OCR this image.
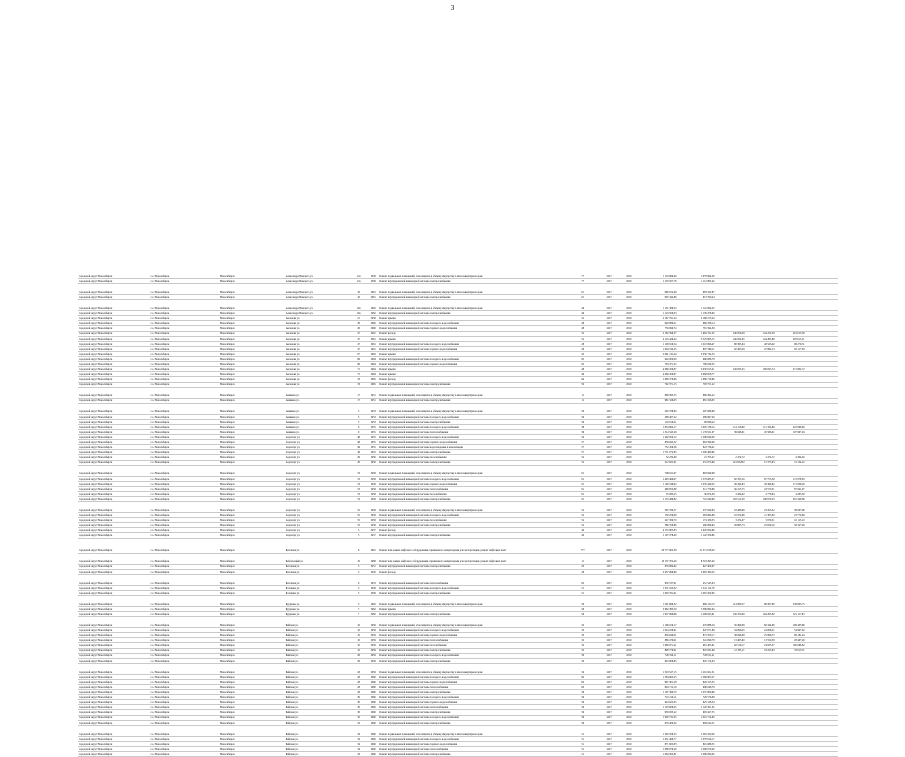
3
городской округ Новосибирск	г.о. Новосибирск	Новосибирск	Александра Невского ул.	12а	1958	Ремонт подвальных помещений, относящихся к общему имуществу в многоквартирном доме	77	2017	2019	1 116 866,49	1 678 964,29				
городской округ Новосибирск	г.о. Новосибирск	Новосибирск	Александра Невского ул.	12а	1958	Ремонт внутридомовой инженерной системы электроснабжения	77	2017	2019	1 103 507,78	1 112 805,44				
городской округ Новосибирск	г.о. Новосибирск	Новосибирск	Александра Невского ул.	16	1961	Ремонт подвальных помещений, относящихся к общему имуществу в многоквартирном доме	61	2017	2019	980 812,48	983 322,87				
городской округ Новосибирск	г.о. Новосибирск	Новосибирск	Александра Невского ул.	16	1961	Ремонт внутридомовой инженерной системы электроснабжения	61	2017	2019	905 344,86	913 760,44				
городской округ Новосибирск	г.о. Новосибирск	Новосибирск	Александра Невского ул.	16а	1962	Ремонт подвальных помещений, относящихся к общему имуществу в многоквартирном доме	46	2017	2019	1 131 369,23	1 141 994,23				
городской округ Новосибирск	г.о. Новосибирск	Новосибирск	Александра Невского ул.	16а	1962	Ремонт внутридомовой инженерной системы электроснабжения	46	2017	2019	1 119 506,03	1 139 478,00				
городской округ Новосибирск	г.о. Новосибирск	Новосибирск	Аксенова ул.	21	1956	Ремонт крыши	41	2017	2019	2 167 791,24	2 168 213,24				
городской округ Новосибирск	г.о. Новосибирск	Новосибирск	Аксенова ул.	26	1960	Ремонт внутридомовой инженерной системы холодного водоснабжения	48	2017	2019	948 886,21	969 336,14				
городской округ Новосибирск	г.о. Новосибирск	Новосибирск	Аксенова ул.	26	1960	Ремонт внутридомовой инженерной системы горячего водоснабжения	48	2017	2019	759 699,74	781 594,39				
городской округ Новосибирск	г.о. Новосибирск	Новосибирск	Аксенова ул.	47	1961	Ремонт фасада	52	2017	2019	2 182 596,37	1 962 311,32	146 056,29	144 474,58	291 613,59	
городской округ Новосибирск	г.о. Новосибирск	Новосибирск	Аксенова ул.	47	1961	Ремонт крыши	52	2017	2019	4 119 426,44	3 525 663,72	146 024,95	144 495,88	293 615,21	
городской округ Новосибирск	г.о. Новосибирск	Новосибирск	Аксенова ул.	47	1961	Ремонт внутридомовой инженерной системы холодного водоснабжения	28	2017	2019	1 109 816,54	1 010 996,47	88 365,64	48 543,40	98 279,51	
городской округ Новосибирск	г.о. Новосибирск	Новосибирск	Аксенова ул.	47	1961	Ремонт внутридомовой инженерной системы горячего водоснабжения	28	2017	2019	1 064 534,35	897 596,11	92 463,28	47 894,13	93 117,38	
городской округ Новосибирск	г.о. Новосибирск	Новосибирск	Аксенова ул.	67	1963	Ремонт крыши	45	2017	2019	2 961 741,44	3 050 734,53				
городской округ Новосибирск	г.о. Новосибирск	Новосибирск	Аксенова ул.	69	1964	Ремонт внутридомовой инженерной системы холодного водоснабжения	95	2017	2019	940 000,00	966 088,78				
городской округ Новосибирск	г.о. Новосибирск	Новосибирск	Аксенова ул.	69	1964	Ремонт внутридомовой инженерной системы горячего водоснабжения	95	2017	2019	793 471,25	789 939,35				
городской округ Новосибирск	г.о. Новосибирск	Новосибирск	Аксенова ул.	71	1964	Ремонт крыши	48	2017	2019	4 089 456,87	3 630 613,21	149 825,25	169 825,74	271 802,72	
городской округ Новосибирск	г.о. Новосибирск	Новосибирск	Аксенова ул.	75	1964	Ремонт крыши	49	2017	2019	4 069 456,87	3 668 658,77				
городской округ Новосибирск	г.о. Новосибирск	Новосибирск	Аксенова ул.	33	1965	Ремонт фасада	94	2017	2019	1 668 378,86	1 686 719,96				
городской округ Новосибирск	г.о. Новосибирск	Новосибирск	Аксенова ул.	33	1965	Ремонт внутридомовой инженерной системы электроснабжения	50	2017	2019	792 371,15	793 751,22				
городской округ Новосибирск	г.о. Новосибирск	Новосибирск	Аникина ул.	17	1951	Ремонт подвальных помещений, относящихся к общему имуществу в многоквартирном доме	11	2017	2019	968 395,55	969 364,22				
городской округ Новосибирск	г.о. Новосибирск	Новосибирск	Аникина ул.	17	1951	Ремонт внутридомовой инженерной системы электроснабжения	11	2017	2019	981 326,05	981 326,05				
городской округ Новосибирск	г.о. Новосибирск	Новосибирск	Аникина ул.	5	1953	Ремонт подвальных помещений, относящихся к общему имуществу в многоквартирном доме	56	2017	2019	292 708,60	297 986,68				
городской округ Новосибирск	г.о. Новосибирск	Новосибирск	Аникина ул.	5	1953	Ремонт внутридомовой инженерной системы холодного водоснабжения	56	2017	2019	288 407,22	289 967,26				
городской округ Новосибирск	г.о. Новосибирск	Новосибирск	Аникина ул.	5	1953	Ремонт внутридомовой инженерной системы электроснабжения	56	2017	2019	119 016,21	99 096,22				
городской округ Новосибирск	г.о. Новосибирск	Новосибирск	Аникина ул.	9	1955	Ремонт внутридомовой инженерной системы холодного водоснабжения	38	2017	2019	1 854 964,17	1 605 138,14	114 119,90	111 324,86	225 969,60	
городской округ Новосибирск	г.о. Новосибирск	Новосибирск	Аникина ул.	9	1955	Ремонт внутридомовой инженерной системы теплоснабжения	36	2017	2019	1 314 545,26	1 176 911,07	39 648,91	45 586,01	107 967,94	
городской округ Новосибирск	г.о. Новосибирск	Новосибирск	Аэропорт ул.	48	1955	Ремонт внутридомовой инженерной системы холодного водоснабжения	50	2017	2019	1 292 950,12	1 306 649,59				
городской округ Новосибирск	г.о. Новосибирск	Новосибирск	Аэропорт ул.	48	1955	Ремонт внутридомовой инженерной системы горячего водоснабжения	57	2017	2019	858 945,52	963 596,00				
городской округ Новосибирск	г.о. Новосибирск	Новосибирск	Аэропорт ул.	49	1955	Ремонт внутридомовой инженерной системы водоотведения и канализации	57	2017	2019	752 459,56	823 736,41				
городской округ Новосибирск	г.о. Новосибирск	Новосибирск	Аэропорт ул.	49	1955	Ремонт внутридомовой инженерной системы электроснабжения	57	2017	2019	1 751 072,85	1 300 480,80				
городской округ Новосибирск	г.о. Новосибирск	Новосибирск	Аэропорт ул.	26	1956	Ремонт внутридомовой инженерной системы газоснабжения	52	2017	2019	32 232,49	21 705,47	2 474,72	2 474,72	4 304,92	
городской округ Новосибирск	г.о. Новосибирск	Новосибирск	Аэропорт ул.	26	1956	Ремонт внутридомовой инженерной системы электроснабжения	52	2017	2019	312 821,91	251 673,96	16 163,832	15 375,63	31 154,22	
городской округ Новосибирск	г.о. Новосибирск	Новосибирск	Аэропорт ул.	53	1958	Ремонт подвальных помещений, относящихся к общему имуществу в многоквартирном доме	91	2017	2019	799 611,97	693 849,08				
городской округ Новосибирск	г.о. Новосибирск	Новосибирск	Аэропорт ул.	53	1958	Ремонт внутридомовой инженерной системы холодного водоснабжения	91	2017	2019	1 493 466,67	1 378 683,27	82 353,16	87 755,39	172 978,83	
городской округ Новосибирск	г.о. Новосибирск	Новосибирск	Аэропорт ул.	53	1958	Ремонт внутридомовой инженерной системы горячего водоснабжения	91	2017	2019	1 109 546,92	1 035 449,52	56 294,83	56 364,82	171 936,26	
городской округ Новосибирск	г.о. Новосибирск	Новосибирск	Аэропорт ул.	53	1958	Ремонт внутридомовой инженерной системы теплоснабжения	91	2017	2019	489 855,89	311 779,98	56 413,75	43 570,31	87 941,97	
городской округ Новосибирск	г.о. Новосибирск	Новосибирск	Аэропорт ул.	53	1958	Ремонт внутридомовой инженерной системы газоснабжения	91	2017	2019	35 083,25	30 974,38	3 284,02	2 779,84	4 283,30	
городской округ Новосибирск	г.о. Новосибирск	Новосибирск	Аэропорт ул.	53	1958	Ремонт внутридомовой инженерной системы электроснабжения	91	2017	2019	1 133 489,82	741 049,98	193 512,50	198 970,33	391 349,86	
городской округ Новосибирск	г.о. Новосибирск	Новосибирск	Аэропорт ул.	55	1958	Ремонт подвальных помещений, относящихся к общему имуществу в многоквартирном доме	52	2017	2019	285 780,57	237 840,83	18 488,66	23 453,42	38 067,66	
городской округ Новосибирск	г.о. Новосибирск	Новосибирск	Аэропорт ул.	55	1958	Ремонт внутридомовой инженерной системы холодного водоснабжения	52	2017	2019	158 259,09	283 964,98	10 974,66	11 305,00	23 770,69	
городской округ Новосибирск	г.о. Новосибирск	Новосибирск	Аэропорт ул.	55	1958	Ремонт внутридомовой инженерной системы газоснабжения	52	2017	2019	247 309,70	174 189,35	3 474,07	5 979,51	10 115,10	
городской округ Новосибирск	г.о. Новосибирск	Новосибирск	Аэропорт ул.	55	1958	Ремонт внутридомовой инженерной системы электроснабжения	52	2017	2019	386 700,86	280 089,62	29 685,73	25 659,16	56 327,90	
городской округ Новосибирск	г.о. Новосибирск	Новосибирск	Аэропорт ул.	5	1957	Ремонт фасада	40	2017	2019	4 155 805,83	1 620 950,66				
городской округ Новосибирск	г.о. Новосибирск	Новосибирск	Аэропорт ул.	5	1957	Ремонт внутридомовой инженерной системы электроснабжения	40	2017	2019	1 107 078,40	1 142 356,80				
городской округ Новосибирск	г.о. Новосибирск	Новосибирск	Бетонная ул.	6	1991	Ремонт или замена лифтового оборудования, признанного непригодным для эксплуатации, ремонт лифтовых шахт	777	2017	2019	20 777 902,38	21 371 618,20				
городской округ Новосибирск	г.о. Новосибирск	Новосибирск	Бебельскийя ул.	10	1968	Ремонт или замена лифтового оборудования, признанного непригодным для эксплуатации, ремонт лифтовых шахт	11	2017	2019	10 137 702,40	8 518 295,20				
городской округ Новосибирск	г.о. Новосибирск	Новосибирск	Бетонная ул.	5	1951	Ремонт внутридомовой инженерной системы электроснабжения	20	2017	2019	879 684,62	627 400,67				
городской округ Новосибирск	г.о. Новосибирск	Новосибирск	Бетонная ул.	5	1950	Ремонт фасада	28	2017	2019	2 437 996,86	2 665 390,54				
городской округ Новосибирск	г.о. Новосибирск	Новосибирск	Бетонная ул.	9	1953	Ремонт внутридомовой инженерной системы теплоснабжения	62	2017	2019	650 537,91	451 545,03				
городской округ Новосибирск	г.о. Новосибирск	Новосибирск	Ботаника ул.	5	1958	Ремонт внутридомовой инженерной системы холодного водоснабжения	51	2017	2019	1 331 163,32	1 341 113,79				
городской округ Новосибирск	г.о. Новосибирск	Новосибирск	Ботаника ул.	5	1958	Ремонт внутридомовой инженерной системы электроснабжения	51	2017	2019	1 063 791,61	1 081 500,00				
городской округ Новосибирск	г.о. Новосибирск	Новосибирск	Бурденко ул.	5	1962	Ремонт подвальных помещений, относящихся к общему имуществу в многоквартирном доме	56	2017	2019	1 291 686,32	969 123,72	114 860,57	98 267,80	238 803,75	
городской округ Новосибирск	г.о. Новосибирск	Новосибирск	Бурденко ул.	7	1962	Ремонт крыши	58	2017	2019	3 862 385,50	7 089 862,04				
городской округ Новосибирск	г.о. Новосибирск	Новосибирск	Бурденко ул.	7	1962	Ремонт внутридомовой инженерной системы электроснабжения	56	2017	2019	1 937 999,86	1 298 925,61	156 250,00	164 295,00	321 117,95	
городской округ Новосибирск	г.о. Новосибирск	Новосибирск	Бийская ул.	10	1959	Ремонт подвальных помещений, относящихся к общему имуществу в многоквартирном доме	32	2017	2019	1 166 916,17	470 888,16	59 499,09	60 344,06	199 403,86	
городской округ Новосибирск	г.о. Новосибирск	Новосибирск	Бийская ул.	10	1959	Ремонт внутридомовой инженерной системы холодного водоснабжения	33	2017	2019	1 024 169,91	947 671,86	34 096,45	24 006,21	54 997,40	
городской округ Новосибирск	г.о. Новосибирск	Новосибирск	Бийская ул.	10	1959	Ремонт внутридомовой инженерной системы горячего водоснабжения	33	2017	2019	859 649,01	873 350,17	38 846,08	25 996,75	98 181,44	
городской округ Новосибирск	г.о. Новосибирск	Новосибирск	Бийская ул.	10	1959	Ремонт внутридомовой инженерной системы теплоснабжения	32	2017	2019	886 479,91	541 099,78	13 405,60	13 550,38	28 467,26	
городской округ Новосибирск	г.о. Новосибирск	Новосибирск	Бийская ул.	10	1959	Ремонт внутридомовой инженерной системы газоснабжения	32	2017	2019	1 669 971,41	961 405,91	92 519,17	24 935,37	190 086,82	
городской округ Новосибирск	г.о. Новосибирск	Новосибирск	Бийская ул.	10	1959	Ремонт внутридомовой инженерной системы электроснабжения	32	2017	2019	898 779,91	810 931,69	12 335,11	18 225,63	33 913,51	
городской округ Новосибирск	г.о. Новосибирск	Новосибирск	Бийская ул.	26	1959	Ремонт внутридомовой инженерной системы холодного водоснабжения	30	2017	2019	726 520,11	728 011,21				
городской округ Новосибирск	г.о. Новосибирск	Новосибирск	Бийская ул.	26	1959	Ремонт внутридомовой инженерной системы электроснабжения	30	2017	2019	643 006,85	645 174,03				
городской округ Новосибирск	г.о. Новосибирск	Новосибирск	Бийская ул.	26	1959	Ремонт подвальных помещений, относящихся к общему имуществу в многоквартирном доме	34	2017	2019	1 318 527,15	1 291 621,51				
городской округ Новосибирск	г.о. Новосибирск	Новосибирск	Бийская ул.	28	1960	Ремонт внутридомовой инженерной системы холодного водоснабжения	60	2017	2019	1 364 963,25	1 369 903,27				
городской округ Новосибирск	г.о. Новосибирск	Новосибирск	Бийская ул.	28	1960	Ремонт внутридомовой инженерной системы горячего водоснабжения	60	2017	2019	967 301,28	829 313,35				
городской округ Новосибирск	г.о. Новосибирск	Новосибирск	Бийская ул.	28	1960	Ремонт внутридомовой инженерной системы теплоснабжения	60	2017	2019	904 712,19	906 048,76				
городской округ Новосибирск	г.о. Новосибирск	Новосибирск	Бийская ул.	28	1960	Ремонт внутридомовой инженерной системы электроснабжения	58	2017	2019	1 167 390,70	1 037 806,98				
городской округ Новосибирск	г.о. Новосибирск	Новосибирск	Бийская ул.	30	1960	Ремонт внутридомовой инженерной системы холодного водоснабжения	56	2017	2019	701 210,11	729 576,08				
городской округ Новосибирск	г.о. Новосибирск	Новосибирск	Бийская ул.	30	1960	Ремонт внутридомовой инженерной системы горячего водоснабжения	56	2017	2019	624 925,05	625 128,34				
городской округ Новосибирск	г.о. Новосибирск	Новосибирск	Бийская ул.	30	1960	Ремонт внутридомовой инженерной системы теплоснабжения	56	2017	2019	1 103 609,05	1 120 301,05				
городской округ Новосибирск	г.о. Новосибирск	Новосибирск	Бийская ул.	30	1960	Ремонт внутридомовой инженерной системы электроснабжения	56	2017	2019	958 933,22	993 427,55				
городской округ Новосибирск	г.о. Новосибирск	Новосибирск	Бийская ул.	32	1960	Ремонт внутридомовой инженерной системы холодного водоснабжения	58	2017	2019	1 000 731,05	1 001 714,00				
городской округ Новосибирск	г.о. Новосибирск	Новосибирск	Бийская ул.	32	1960	Ремонт внутридомовой инженерной системы электроснабжения	58	2017	2019	876 400,29	884 914,51				
городской округ Новосибирск	г.о. Новосибирск	Новосибирск	Бийская ул.	34	1960	Ремонт подвальных помещений, относящихся к общему имуществу в многоквартирном доме	51	2017	2019	1 363 359,55	1 365 320,29				
городской округ Новосибирск	г.о. Новосибирск	Новосибирск	Бийская ул.	34	1960	Ремонт внутридомовой инженерной системы холодного водоснабжения	51	2017	2019	1 051 466,77	1 078 816,17				
городской округ Новосибирск	г.о. Новосибирск	Новосибирск	Бийская ул.	34	1960	Ремонт внутридомовой инженерной системы горячего водоснабжения	51	2017	2019	871 905,83	891 988,55				
городской округ Новосибирск	г.о. Новосибирск	Новосибирск	Бийская ул.	34	1960	Ремонт внутридомовой инженерной системы теплоснабжения	51	2017	2019	1 086 879,29	1 096 079,29				
городской округ Новосибирск	г.о. Новосибирск	Новосибирск	Бийская ул.	34	1960	Ремонт внутридомовой инженерной системы электроснабжения	51	2017	2019	1 084 592,81	1 086 090,03				
